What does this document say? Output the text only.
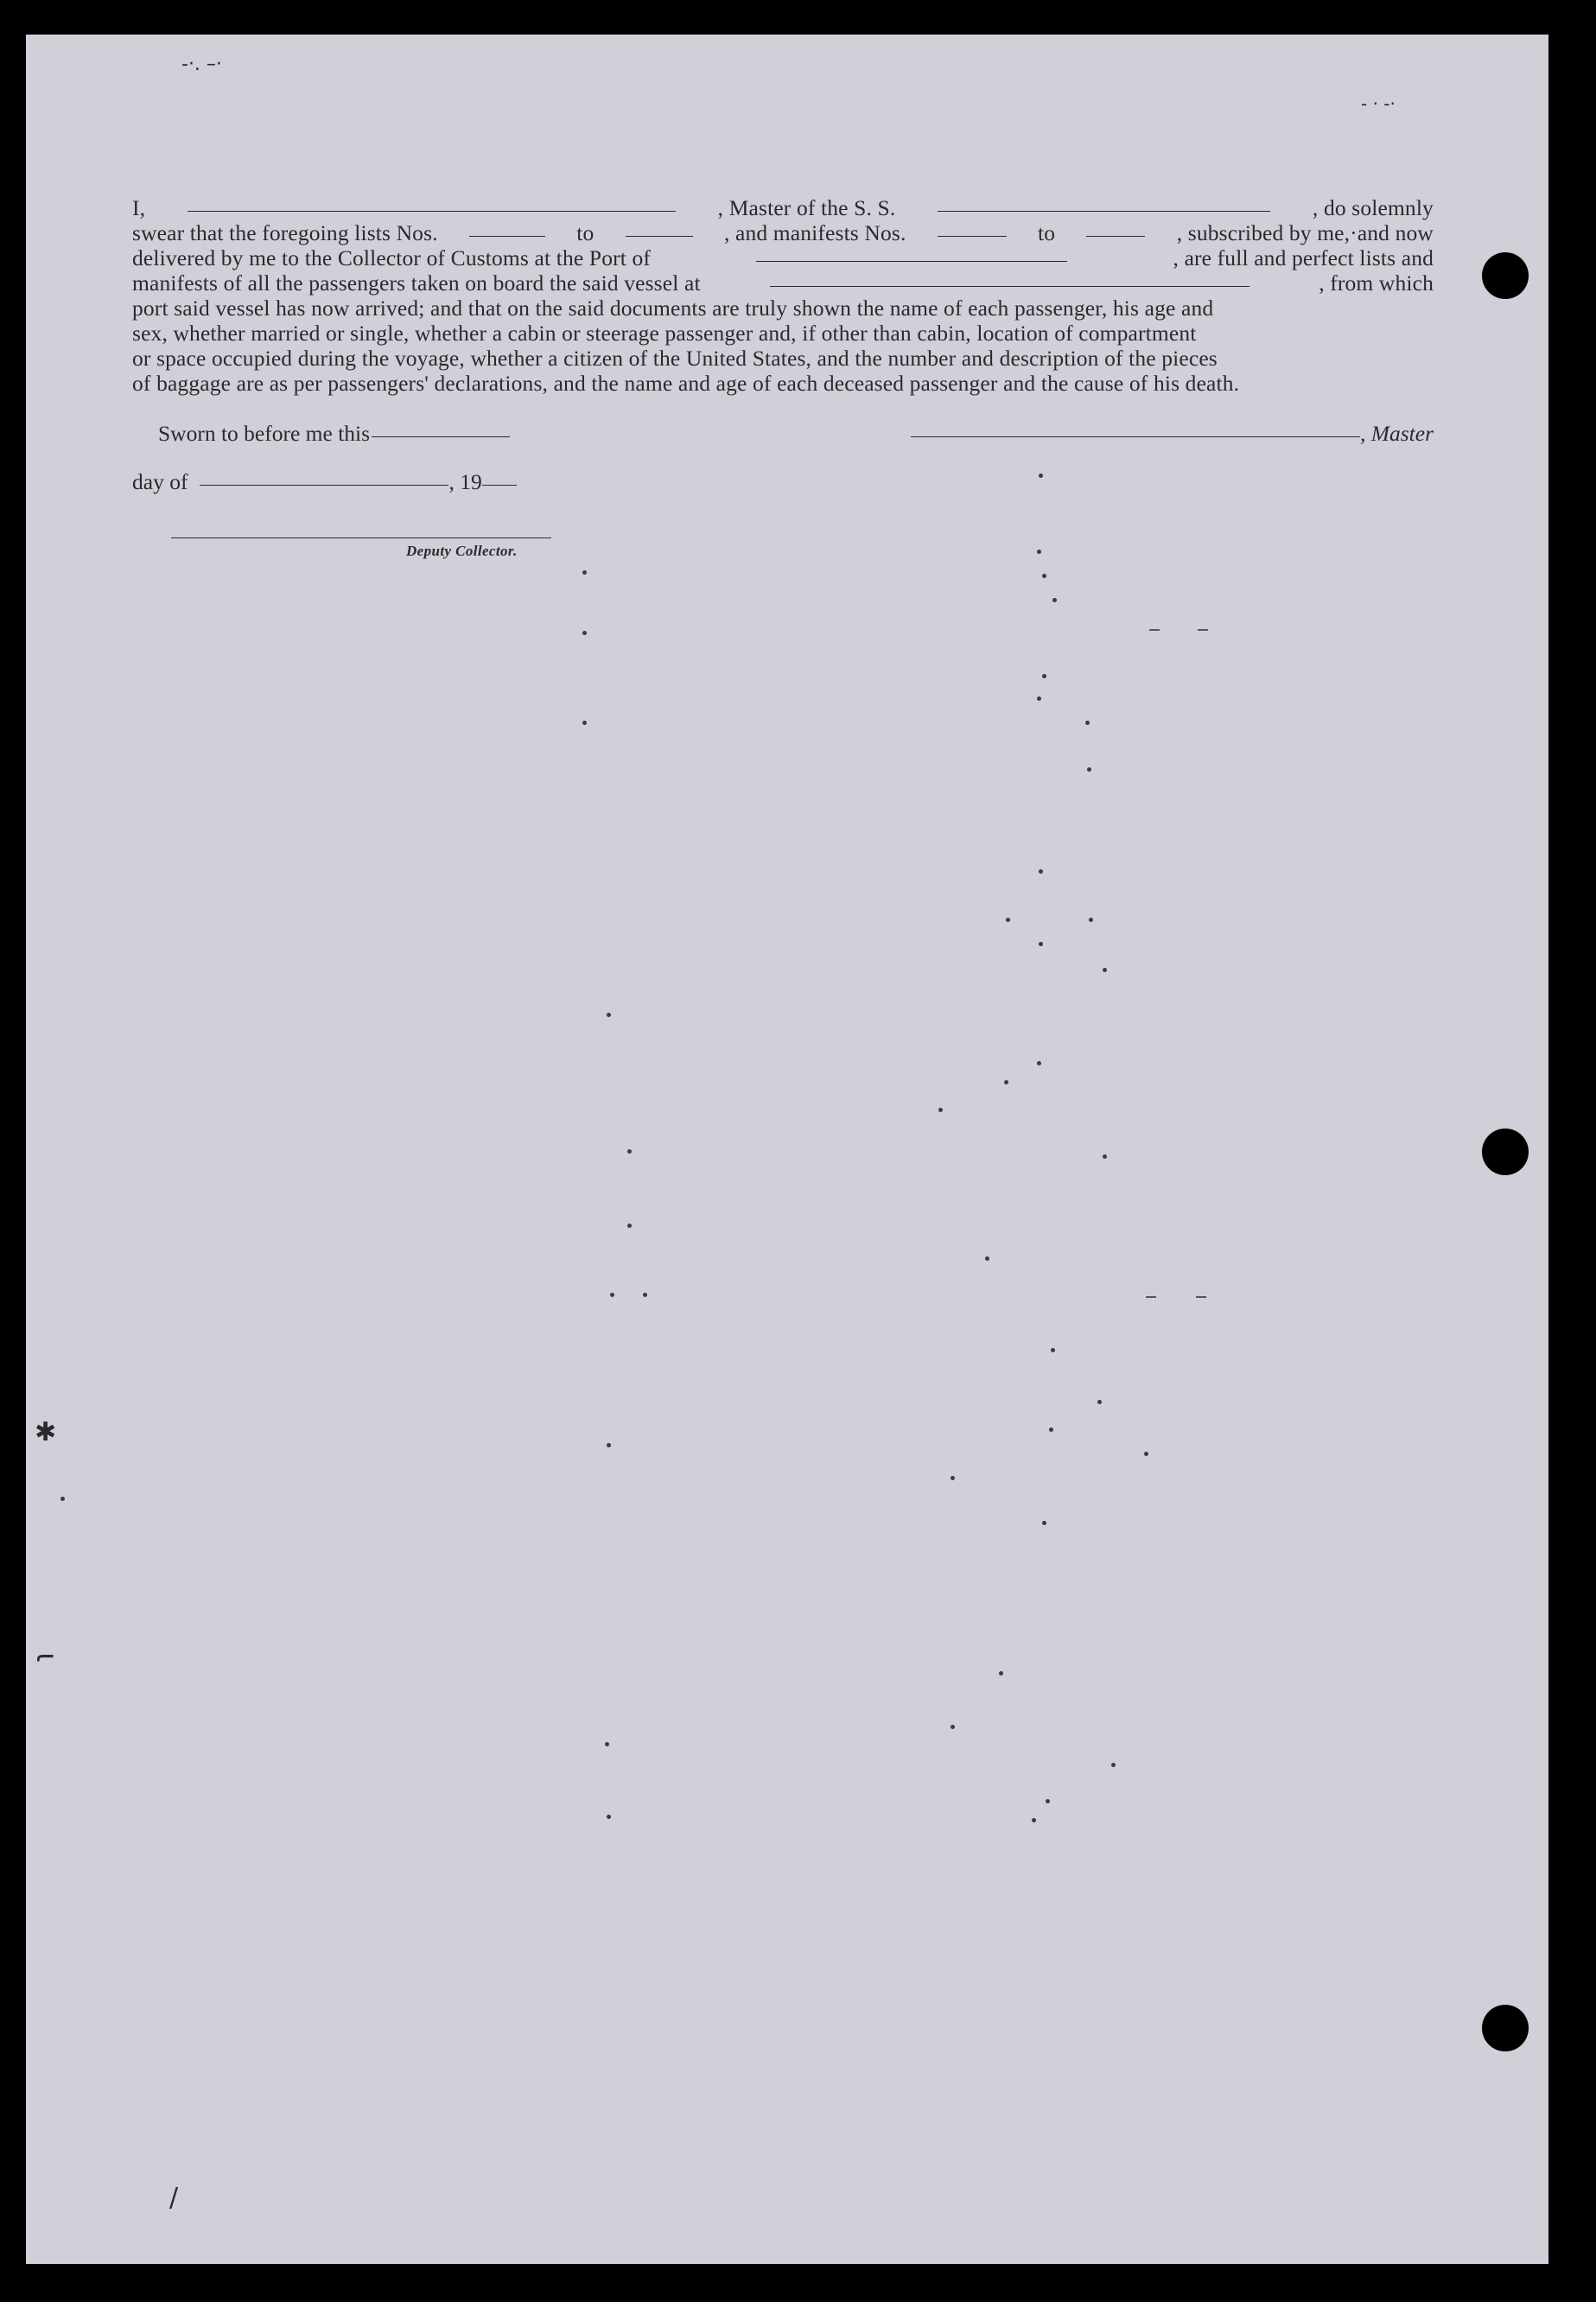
I,	, Master of the S. S.	, do solemnly
swear that the foregoing lists Nos.	to	, and manifests Nos.	to	, subscribed by me,·and now
delivered by me to the Collector of Customs at the Port of	, are full and perfect lists and
manifests of all the passengers taken on board the said vessel at	, from which
port said vessel has now arrived; and that on the said documents are truly shown the name of each passenger, his age and
sex, whether married or single, whether a cabin or steerage passenger and, if other than cabin, location of compartment
or space occupied during the voyage, whether a citizen of the United States, and the number and description of the pieces
of baggage are as per passengers' declarations, and the name and age of each deceased passenger and the cause of his death.
Sworn to before me this	, Master
day of	, 19
Deputy Collector.
-·. –·
- · -·
✱
ɩ
/
